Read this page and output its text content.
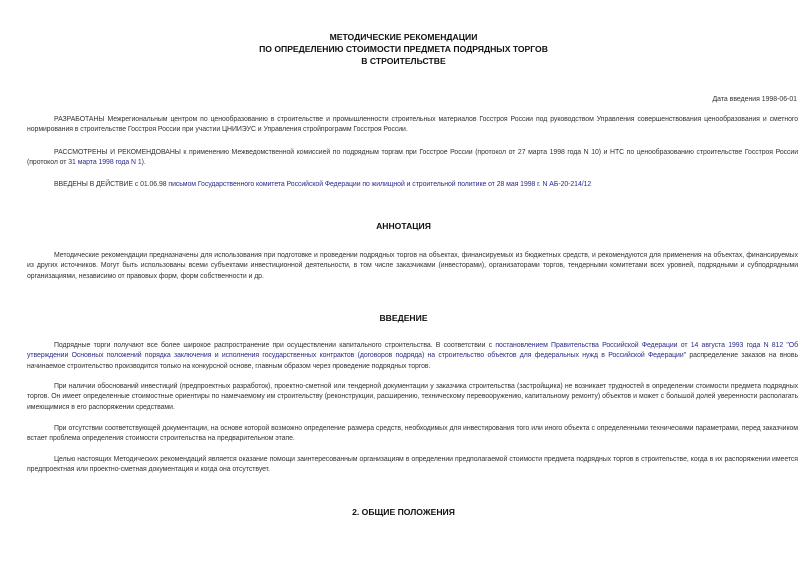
МЕТОДИЧЕСКИЕ РЕКОМЕНДАЦИИ
ПО ОПРЕДЕЛЕНИЮ СТОИМОСТИ ПРЕДМЕТА ПОДРЯДНЫХ ТОРГОВ
В СТРОИТЕЛЬСТВЕ
Дата введения 1998-06-01
РАЗРАБОТАНЫ Межрегиональным центром по ценообразованию в строительстве и промышленности строительных материалов Госстроя России под руководством Управления совершенствования ценообразования и сметного нормирования в строительстве Госстроя России при участии ЦНИИЭУС и Управления стройпрограмм Госстроя России.
РАССМОТРЕНЫ И РЕКОМЕНДОВАНЫ к применению Межведомственной комиссией по подрядным торгам при Госстрое России (протокол от 27 марта 1998 года N 10) и НТС по ценообразованию строительстве Госстроя России (протокол от 31 марта 1998 года N 1).
ВВЕДЕНЫ В ДЕЙСТВИЕ с 01.06.98 письмом Государственного комитета Российской Федерации по жилищной и строительной политике от 28 мая 1998 г. N АБ-20-214/12
АННОТАЦИЯ
Методические рекомендации предназначены для использования при подготовке и проведении подрядных торгов на объектах, финансируемых из бюджетных средств, и рекомендуются для применения на объектах, финансируемых из других источников. Могут быть использованы всеми субъектами инвестиционной деятельности, в том числе заказчиками (инвесторами), организаторами торгов, тендерными комитетами всех уровней, подрядными и субподрядными организациями, независимо от правовых форм, форм собственности и др.
ВВЕДЕНИЕ
Подрядные торги получают все более широкое распространение при осуществлении капитального строительства. В соответствии с постановлением Правительства Российской Федерации от 14 августа 1993 года N 812 "Об утверждении Основных положений порядка заключения и исполнения государственных контрактов (договоров подряда) на строительство объектов для федеральных нужд в Российской Федерации" распределение заказов на вновь начинаемое строительство производится только на конкурсной основе, главным образом через проведение подрядных торгов.
При наличии обоснований инвестиций (предпроектных разработок), проектно-сметной или тендерной документации у заказчика строительства (застройщика) не возникает трудностей в определении стоимости предмета подрядных торгов. Он имеет определенные стоимостные ориентиры по намечаемому им строительству (реконструкции, расширению, техническому перевооружению, капитальному ремонту) объектов и может с большой долей уверенности располагать имеющимися в его распоряжении средствами.
При отсутствии соответствующей документации, на основе которой возможно определение размера средств, необходимых для инвестирования того или иного объекта с определенными техническими параметрами, перед заказчиком встает проблема определения стоимости строительства на предварительном этапе.
Целью настоящих Методических рекомендаций является оказание помощи заинтересованным организациям в определении предполагаемой стоимости предмета подрядных торгов в строительстве, когда в их распоряжении имеется предпроектная или проектно-сметная документация и когда она отсутствует.
2. ОБЩИЕ ПОЛОЖЕНИЯ
